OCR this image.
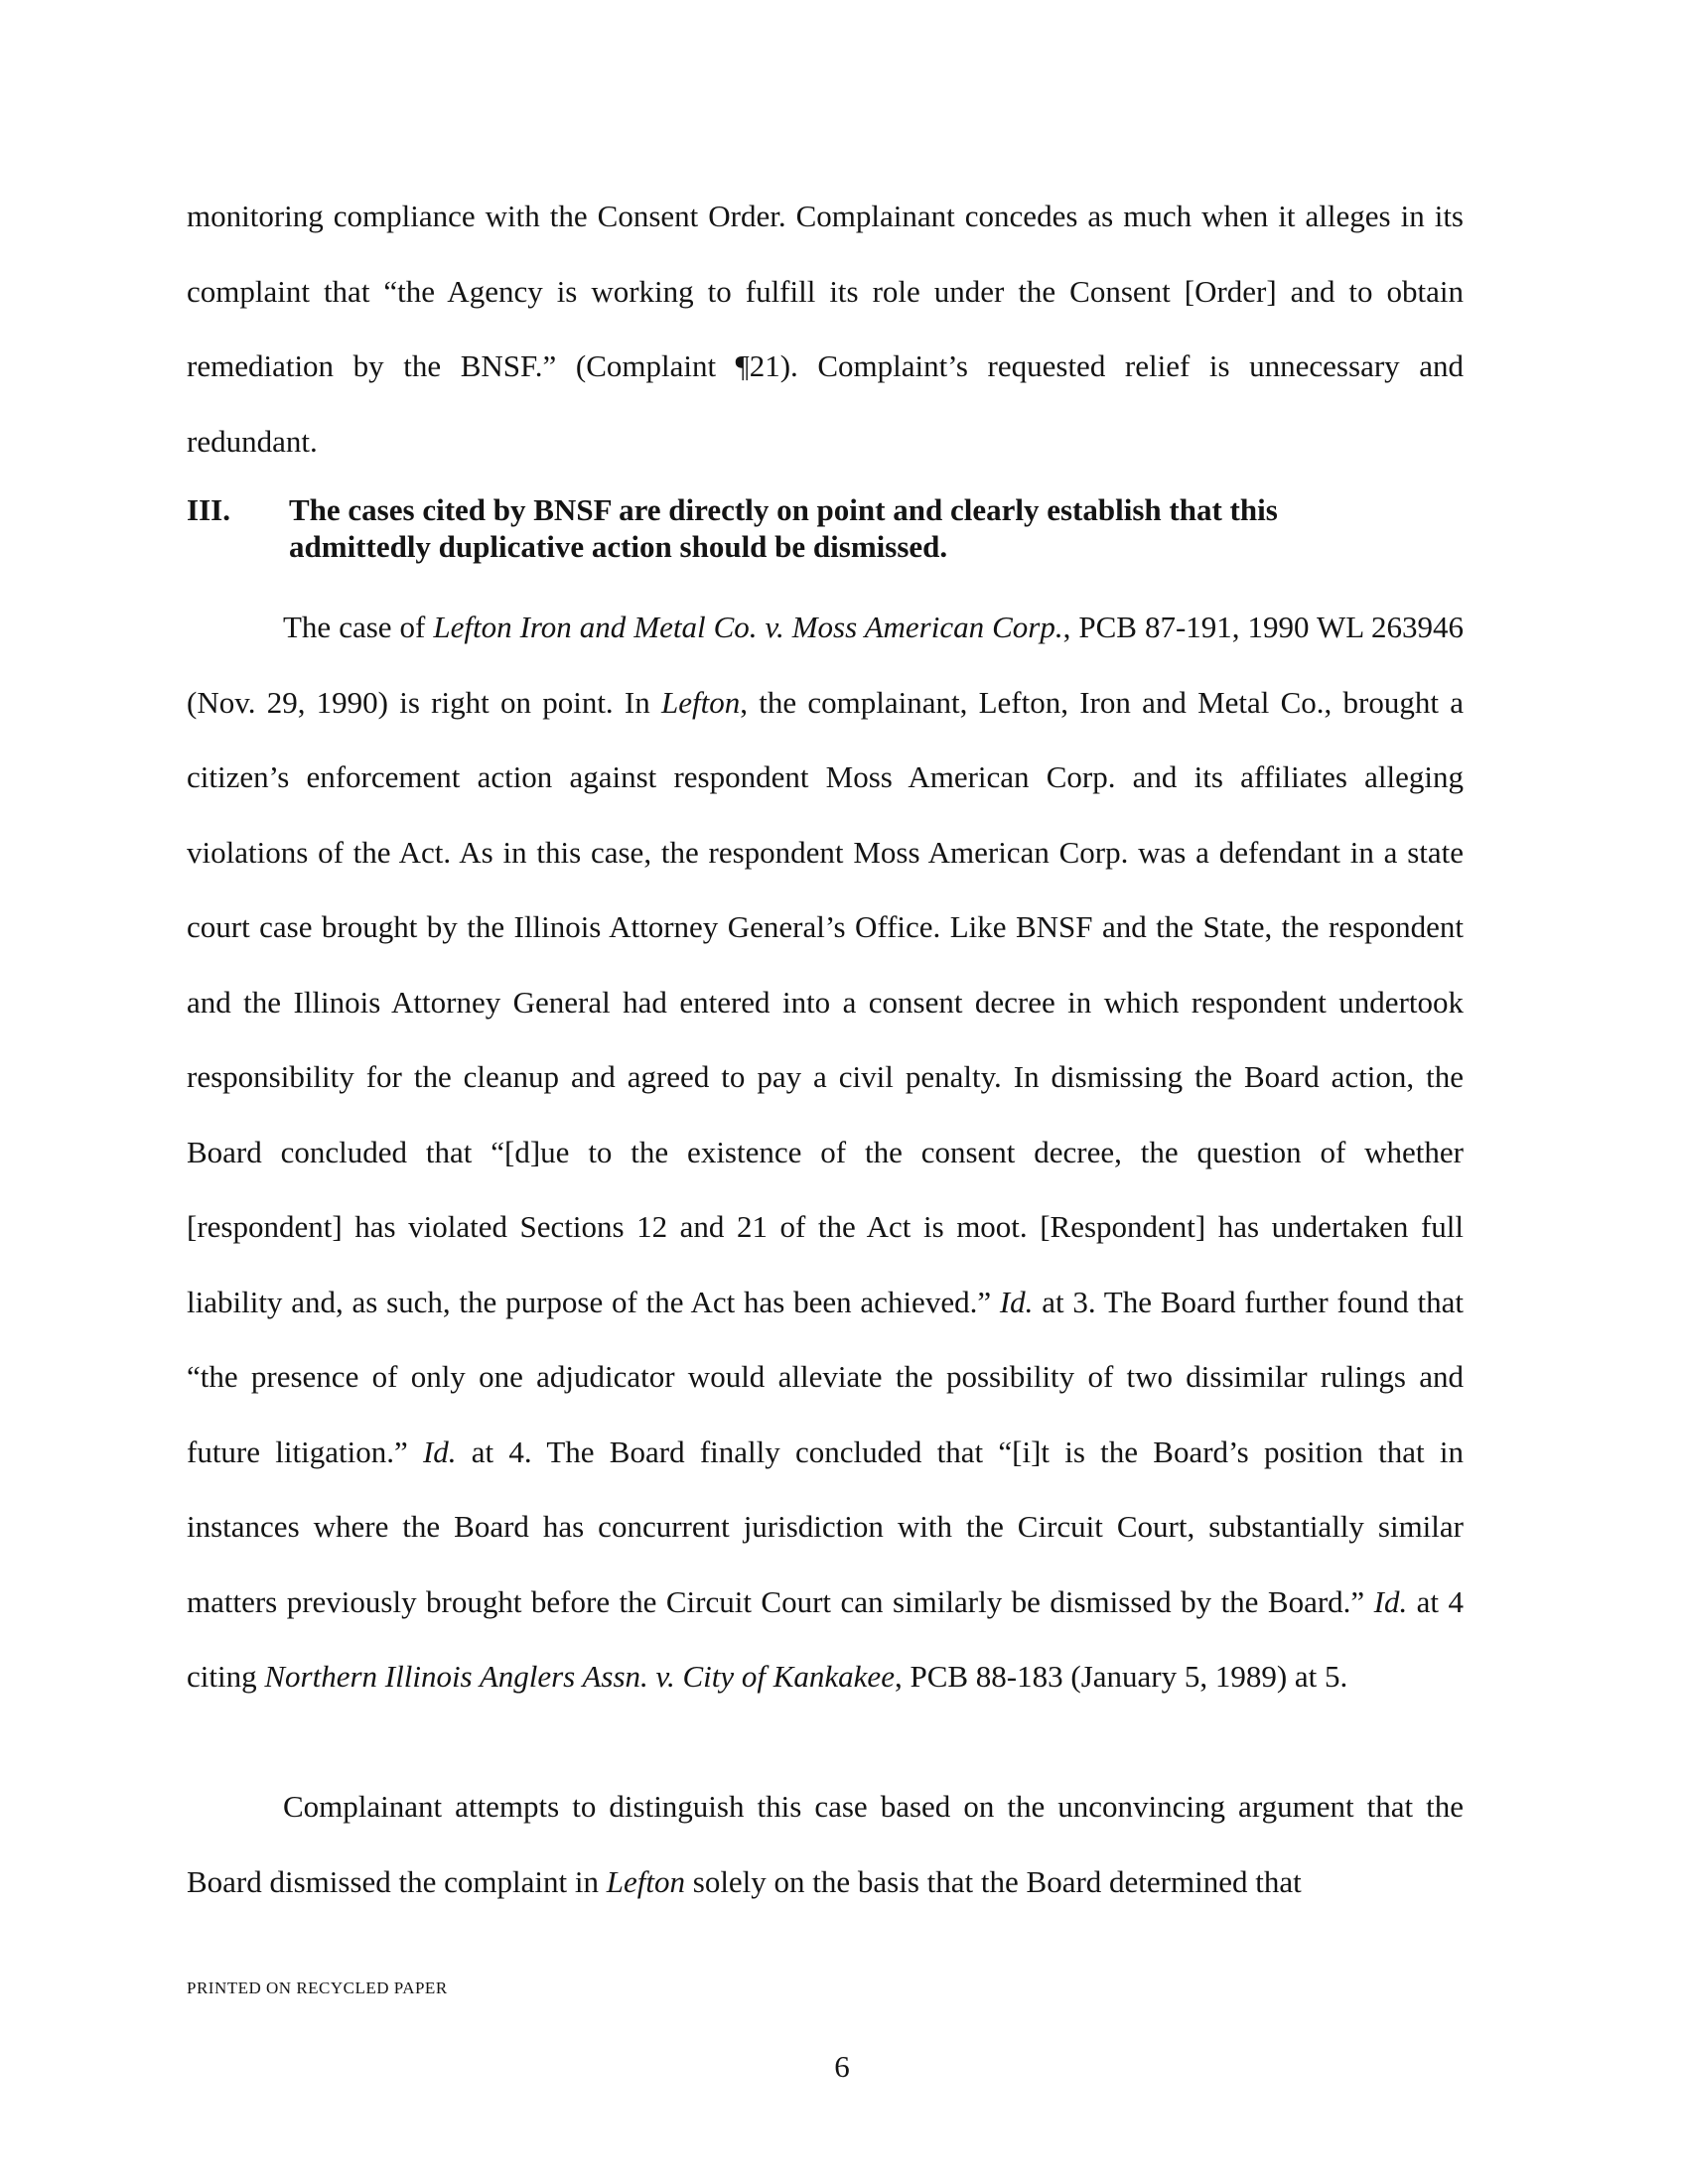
monitoring compliance with the Consent Order. Complainant concedes as much when it alleges in its complaint that “the Agency is working to fulfill its role under the Consent [Order] and to obtain remediation by the BNSF.” (Complaint ¶21). Complaint’s requested relief is unnecessary and redundant.

III.	The cases cited by BNSF are directly on point and clearly establish that this admittedly duplicative action should be dismissed.

The case of Lefton Iron and Metal Co. v. Moss American Corp., PCB 87-191, 1990 WL 263946 (Nov. 29, 1990) is right on point. In Lefton, the complainant, Lefton, Iron and Metal Co., brought a citizen’s enforcement action against respondent Moss American Corp. and its affiliates alleging violations of the Act. As in this case, the respondent Moss American Corp. was a defendant in a state court case brought by the Illinois Attorney General’s Office. Like BNSF and the State, the respondent and the Illinois Attorney General had entered into a consent decree in which respondent undertook responsibility for the cleanup and agreed to pay a civil penalty. In dismissing the Board action, the Board concluded that “[d]ue to the existence of the consent decree, the question of whether [respondent] has violated Sections 12 and 21 of the Act is moot. [Respondent] has undertaken full liability and, as such, the purpose of the Act has been achieved.” Id. at 3. The Board further found that “the presence of only one adjudicator would alleviate the possibility of two dissimilar rulings and future litigation.” Id. at 4. The Board finally concluded that “[i]t is the Board’s position that in instances where the Board has concurrent jurisdiction with the Circuit Court, substantially similar matters previously brought before the Circuit Court can similarly be dismissed by the Board.” Id. at 4 citing Northern Illinois Anglers Assn. v. City of Kankakee, PCB 88-183 (January 5, 1989) at 5.

Complainant attempts to distinguish this case based on the unconvincing argument that the Board dismissed the complaint in Lefton solely on the basis that the Board determined that

PRINTED ON RECYCLED PAPER

6
